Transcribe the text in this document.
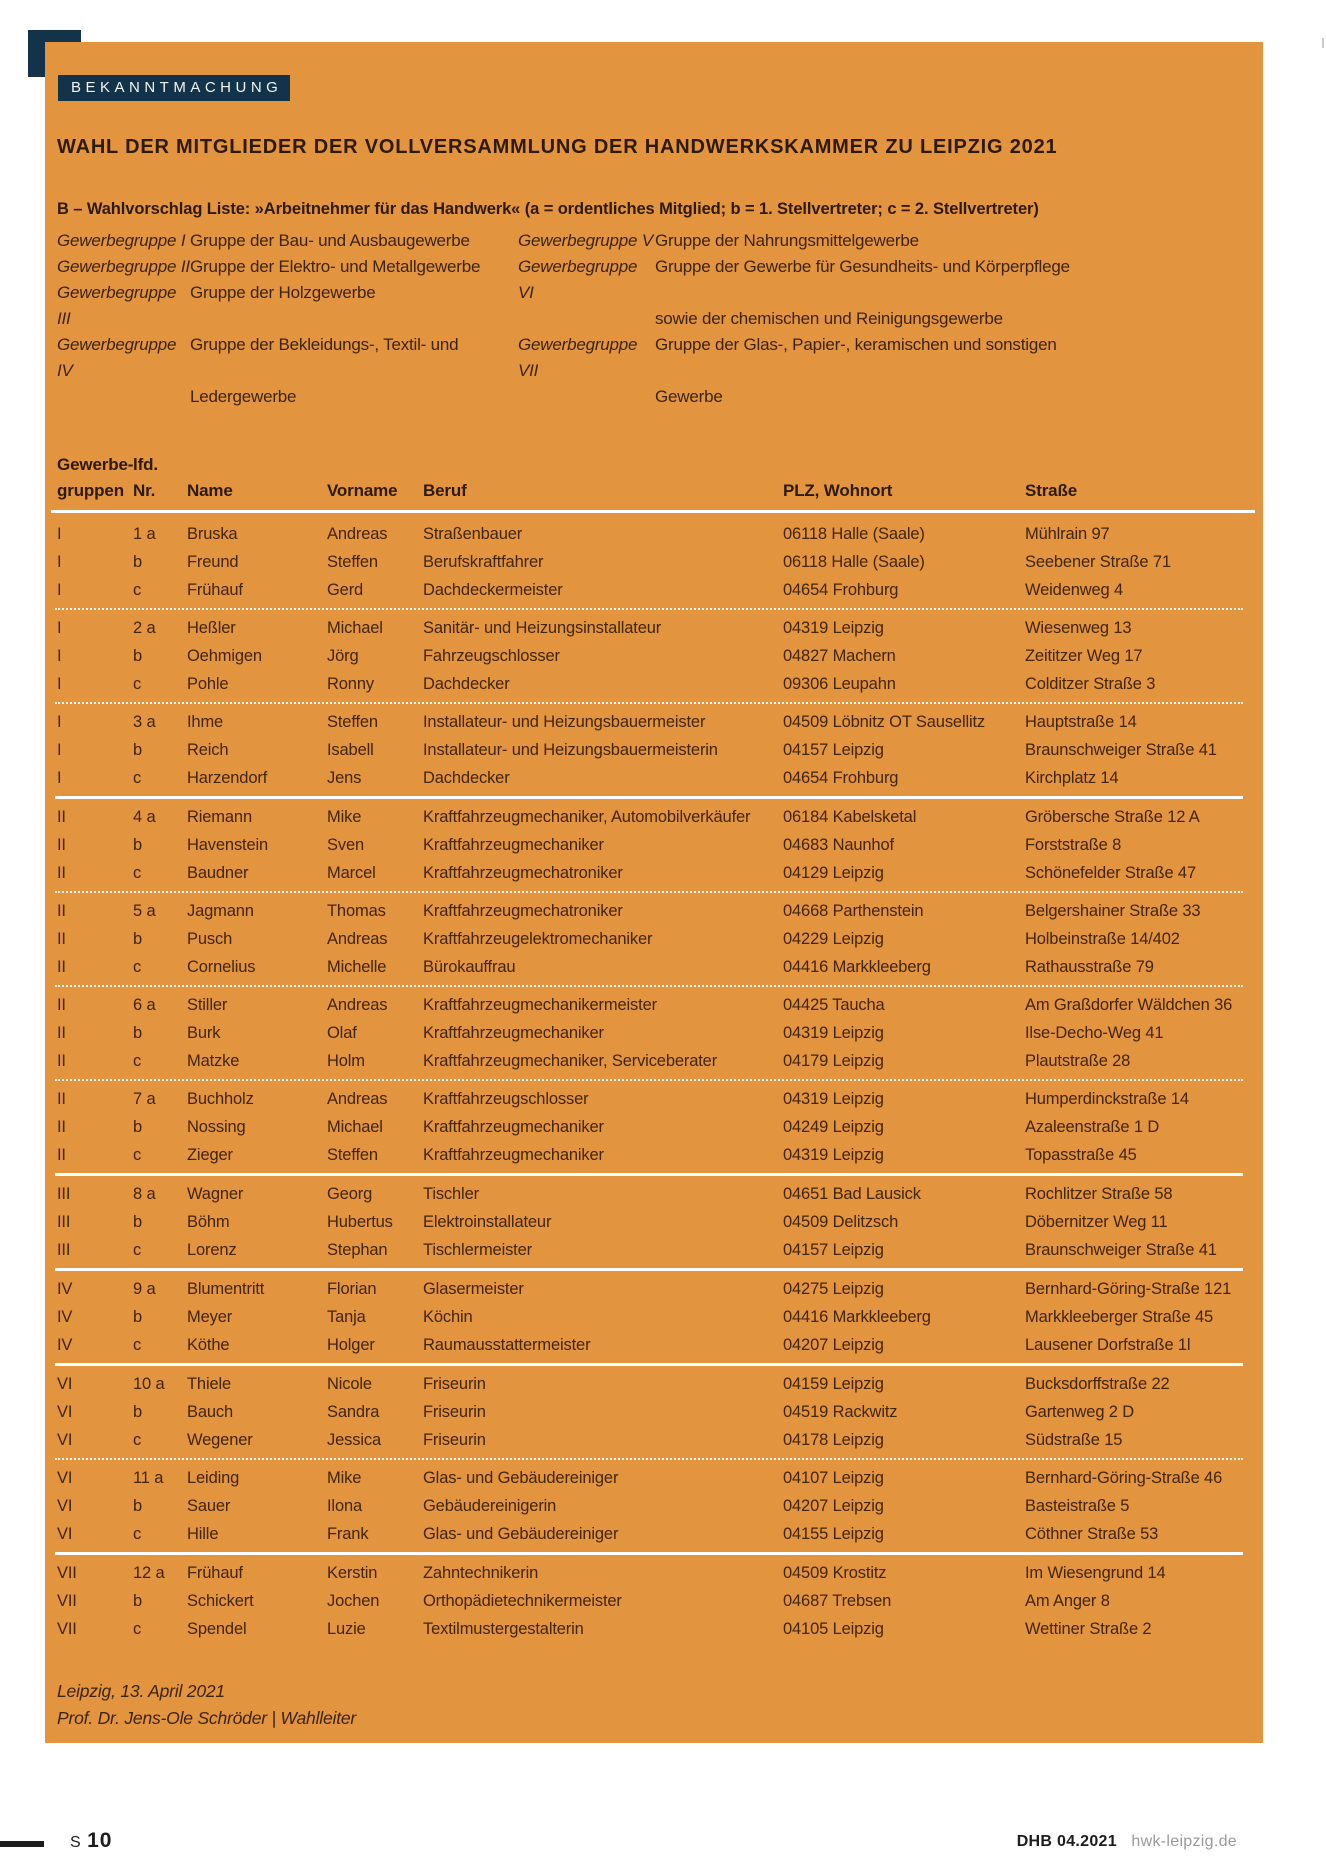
BEKANNTMACHUNG
WAHL DER MITGLIEDER DER VOLLVERSAMMLUNG DER HANDWERKSKAMMER ZU LEIPZIG 2021
B – Wahlvorschlag Liste: »Arbeitnehmer für das Handwerk« (a = ordentliches Mitglied; b = 1. Stellvertreter; c = 2. Stellvertreter)
Gewerbegruppe I Gruppe der Bau- und Ausbaugewerbe
Gewerbegruppe II Gruppe der Elektro- und Metallgewerbe
Gewerbegruppe III
Gruppe der Holzgewerbe
Gewerbegruppe IV
Gruppe der Bekleidungs-, Textil- und
Ledergewerbe
Gewerbegruppe V Gruppe der Nahrungsmittelgewerbe
Gewerbegruppe VI
Gruppe der Gewerbe für Gesundheits- und Körperpflege
sowie der chemischen und Reinigungsgewerbe
Gewerbegruppe VII
Gruppe der Glas-, Papier-, keramischen und sonstigen
Gewerbe
Gewerbe-
gruppen
lfd.
Nr.	Name	Vorname	Beruf	PLZ, Wohnort	Straße
I	1 a	Bruska	Andreas	Straßenbauer	06118 Halle (Saale)	Mühlrain 97
I	b	Freund	Steffen	Berufskraftfahrer	06118 Halle (Saale)	Seebener Straße 71
I	c	Frühauf	Gerd	Dachdeckermeister	04654 Frohburg	Weidenweg 4
I	2 a	Heßler	Michael	Sanitär- und Heizungsinstallateur	04319 Leipzig	Wiesenweg 13
I	b	Oehmigen	Jörg	Fahrzeugschlosser	04827 Machern	Zeititzer Weg 17
I	c	Pohle	Ronny	Dachdecker	09306 Leupahn	Colditzer Straße 3
I	3 a	Ihme	Steffen	Installateur- und Heizungsbauermeister	04509 Löbnitz OT Sausellitz	Hauptstraße 14
I	b	Reich	Isabell	Installateur- und Heizungsbauermeisterin	04157 Leipzig	Braunschweiger Straße 41
I	c	Harzendorf	Jens	Dachdecker	04654 Frohburg	Kirchplatz 14
II	4 a	Riemann	Mike	Kraftfahrzeugmechaniker, Automobilverkäufer	06184 Kabelsketal	Gröbersche Straße 12 A
II	b	Havenstein	Sven	Kraftfahrzeugmechaniker	04683 Naunhof	Forststraße 8
II	c	Baudner	Marcel	Kraftfahrzeugmechatroniker	04129 Leipzig	Schönefelder Straße 47
II	5 a	Jagmann	Thomas	Kraftfahrzeugmechatroniker	04668 Parthenstein	Belgershainer Straße 33
II	b	Pusch	Andreas	Kraftfahrzeugelektromechaniker	04229 Leipzig	Holbeinstraße 14/402
II	c	Cornelius	Michelle	Bürokauffrau	04416 Markkleeberg	Rathausstraße 79
II	6 a	Stiller	Andreas	Kraftfahrzeugmechanikermeister	04425 Taucha	Am Graßdorfer Wäldchen 36
II	b	Burk	Olaf	Kraftfahrzeugmechaniker	04319 Leipzig	Ilse-Decho-Weg 41
II	c	Matzke	Holm	Kraftfahrzeugmechaniker, Serviceberater	04179 Leipzig	Plautstraße 28
II	7 a	Buchholz	Andreas	Kraftfahrzeugschlosser	04319 Leipzig	Humperdinckstraße 14
II	b	Nossing	Michael	Kraftfahrzeugmechaniker	04249 Leipzig	Azaleenstraße 1 D
II	c	Zieger	Steffen	Kraftfahrzeugmechaniker	04319 Leipzig	Topasstraße 45
III	8 a	Wagner	Georg	Tischler	04651 Bad Lausick	Rochlitzer Straße 58
III	b	Böhm	Hubertus	Elektroinstallateur	04509 Delitzsch	Döbernitzer Weg 11
III	c	Lorenz	Stephan	Tischlermeister	04157 Leipzig	Braunschweiger Straße 41
IV	9 a	Blumentritt	Florian	Glasermeister	04275 Leipzig	Bernhard-Göring-Straße 121
IV	b	Meyer	Tanja	Köchin	04416 Markkleeberg	Markkleeberger Straße 45
IV	c	Köthe	Holger	Raumausstattermeister	04207 Leipzig	Lausener Dorfstraße 1l
VI	10 a	Thiele	Nicole	Friseurin	04159 Leipzig	Bucksdorffstraße 22
VI	b	Bauch	Sandra	Friseurin	04519 Rackwitz	Gartenweg 2 D
VI	c	Wegener	Jessica	Friseurin	04178 Leipzig	Südstraße 15
VI	11 a	Leiding	Mike	Glas- und Gebäudereiniger	04107 Leipzig	Bernhard-Göring-Straße 46
VI	b	Sauer	Ilona	Gebäudereinigerin	04207 Leipzig	Basteistraße 5
VI	c	Hille	Frank	Glas- und Gebäudereiniger	04155 Leipzig	Cöthner Straße 53
VII	12 a	Frühauf	Kerstin	Zahntechnikerin	04509 Krostitz	Im Wiesengrund 14
VII	b	Schickert	Jochen	Orthopädietechnikermeister	04687 Trebsen	Am Anger 8
VII	c	Spendel	Luzie	Textilmustergestalterin	04105 Leipzig	Wettiner Straße 2
Leipzig, 13. April 2021
Prof. Dr. Jens-Ole Schröder | Wahlleiter
S 10	DHB 04.2021 hwk-leipzig.de
